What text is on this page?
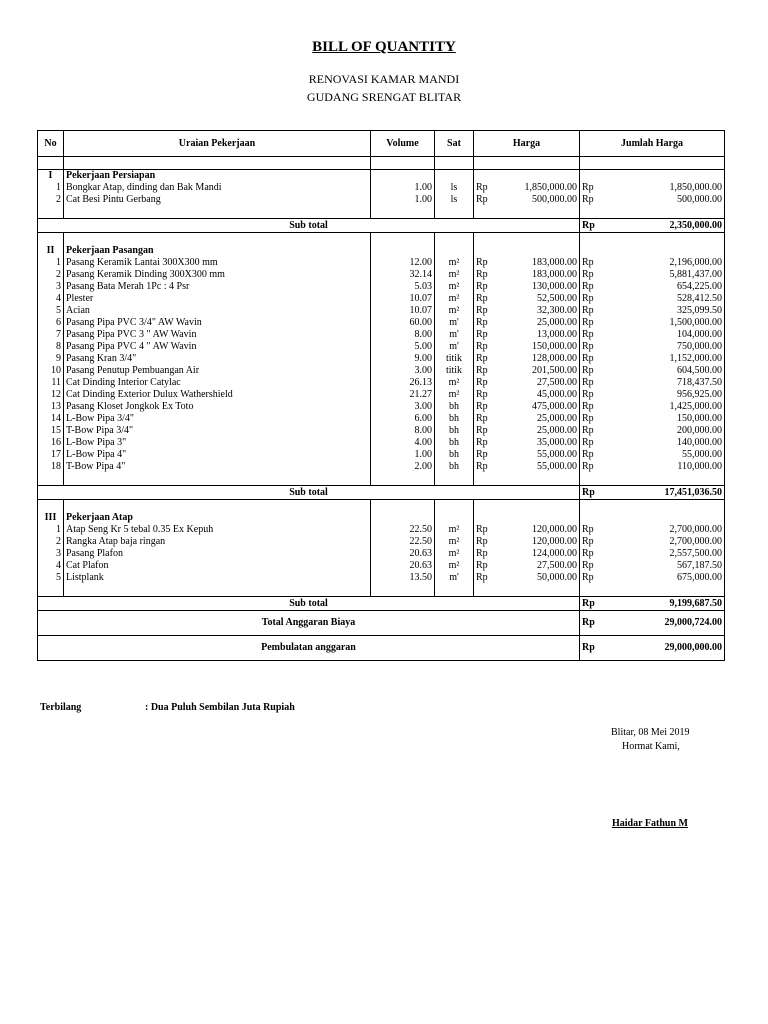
BILL OF QUANTITY
RENOVASI KAMAR MANDI
GUDANG SRENGAT BLITAR
No	Uraian Pekerjaan	Volume	Sat	Harga		Jumlah Harga	

I	Pekerjaan Persiapan						
1	Bongkar Atap, dinding dan Bak Mandi	1.00	ls	Rp	1,850,000.00	Rp	1,850,000.00
2	Cat Besi Pintu Gerbang	1.00	ls	Rp	500,000.00	Rp	500,000.00

Sub total						Rp	2,350,000.00

II	Pekerjaan Pasangan						
1	Pasang Keramik Lantai 300X300 mm	12.00	m²	Rp	183,000.00	Rp	2,196,000.00
2	Pasang Keramik Dinding 300X300 mm	32.14	m²	Rp	183,000.00	Rp	5,881,437.00
3	Pasang Bata Merah 1Pc : 4 Psr	5.03	m²	Rp	130,000.00	Rp	654,225.00
4	Plester	10.07	m²	Rp	52,500.00	Rp	528,412.50
5	Acian	10.07	m²	Rp	32,300.00	Rp	325,099.50
6	Pasang Pipa PVC 3/4" AW Wavin	60.00	m'	Rp	25,000.00	Rp	1,500,000.00
7	Pasang Pipa PVC 3 " AW Wavin	8.00	m'	Rp	13,000.00	Rp	104,000.00
8	Pasang Pipa PVC 4 " AW Wavin	5.00	m'	Rp	150,000.00	Rp	750,000.00
9	Pasang Kran 3/4"	9.00	titik	Rp	128,000.00	Rp	1,152,000.00
10	Pasang Penutup Pembuangan Air	3.00	titik	Rp	201,500.00	Rp	604,500.00
11	Cat Dinding Interior Catylac	26.13	m²	Rp	27,500.00	Rp	718,437.50
12	Cat Dinding Exterior Dulux Wathershield	21.27	m²	Rp	45,000.00	Rp	956,925.00
13	Pasang Kloset Jongkok Ex Toto	3.00	bh	Rp	475,000.00	Rp	1,425,000.00
14	L-Bow Pipa 3/4"	6.00	bh	Rp	25,000.00	Rp	150,000.00
15	T-Bow Pipa 3/4"	8.00	bh	Rp	25,000.00	Rp	200,000.00
16	L-Bow Pipa 3"	4.00	bh	Rp	35,000.00	Rp	140,000.00
17	L-Bow Pipa 4"	1.00	bh	Rp	55,000.00	Rp	55,000.00
18	T-Bow Pipa 4"	2.00	bh	Rp	55,000.00	Rp	110,000.00

Sub total						Rp	17,451,036.50

III	Pekerjaan Atap						
1	Atap Seng Kr 5 tebal 0.35 Ex Kepuh	22.50	m²	Rp	120,000.00	Rp	2,700,000.00
2	Rangka Atap baja ringan	22.50	m²	Rp	120,000.00	Rp	2,700,000.00
3	Pasang Plafon	20.63	m²	Rp	124,000.00	Rp	2,557,500.00
4	Cat Plafon	20.63	m²	Rp	27,500.00	Rp	567,187.50
5	Listplank	13.50	m'	Rp	50,000.00	Rp	675,000.00

Sub total						Rp	9,199,687.50
Total Anggaran Biaya						Rp	29,000,724.00
Pembulatan anggaran						Rp	29,000,000.00
Terbilang	: Dua Puluh Sembilan Juta Rupiah
Blitar, 08 Mei 2019
Hormat Kami,
Haidar Fathun M
